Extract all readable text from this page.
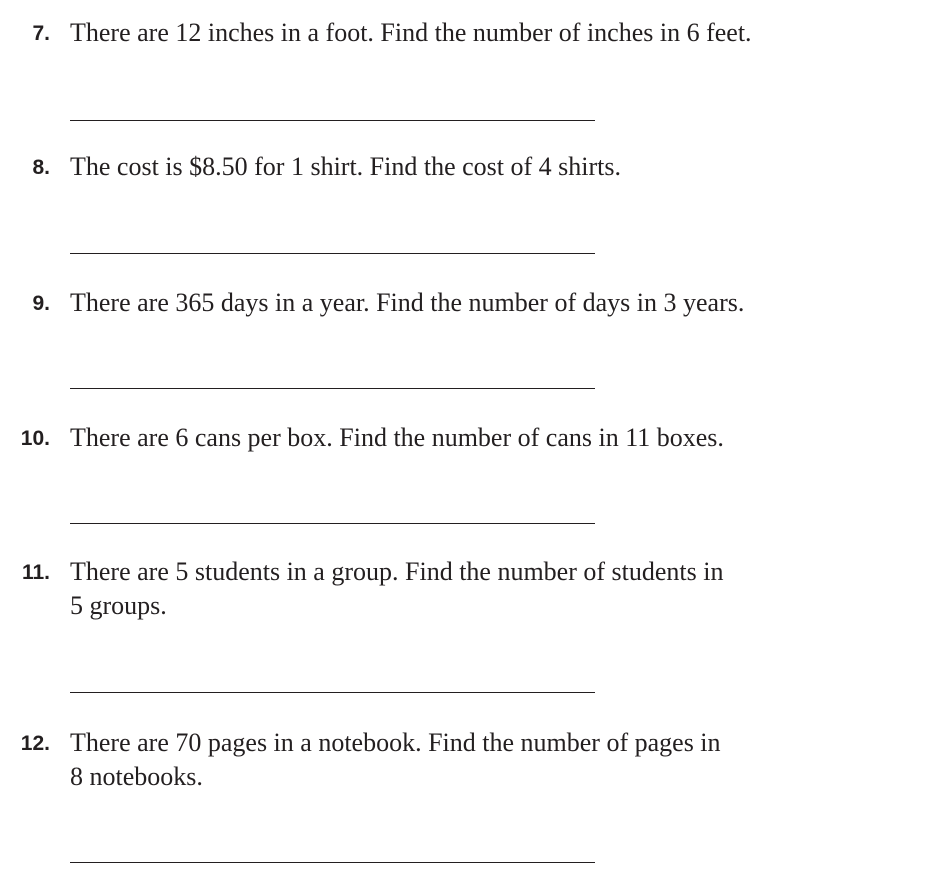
7. There are 12 inches in a foot. Find the number of inches in 6 feet.
8. The cost is $8.50 for 1 shirt. Find the cost of 4 shirts.
9. There are 365 days in a year. Find the number of days in 3 years.
10. There are 6 cans per box. Find the number of cans in 11 boxes.
11. There are 5 students in a group. Find the number of students in
5 groups.
12. There are 70 pages in a notebook. Find the number of pages in
8 notebooks.
